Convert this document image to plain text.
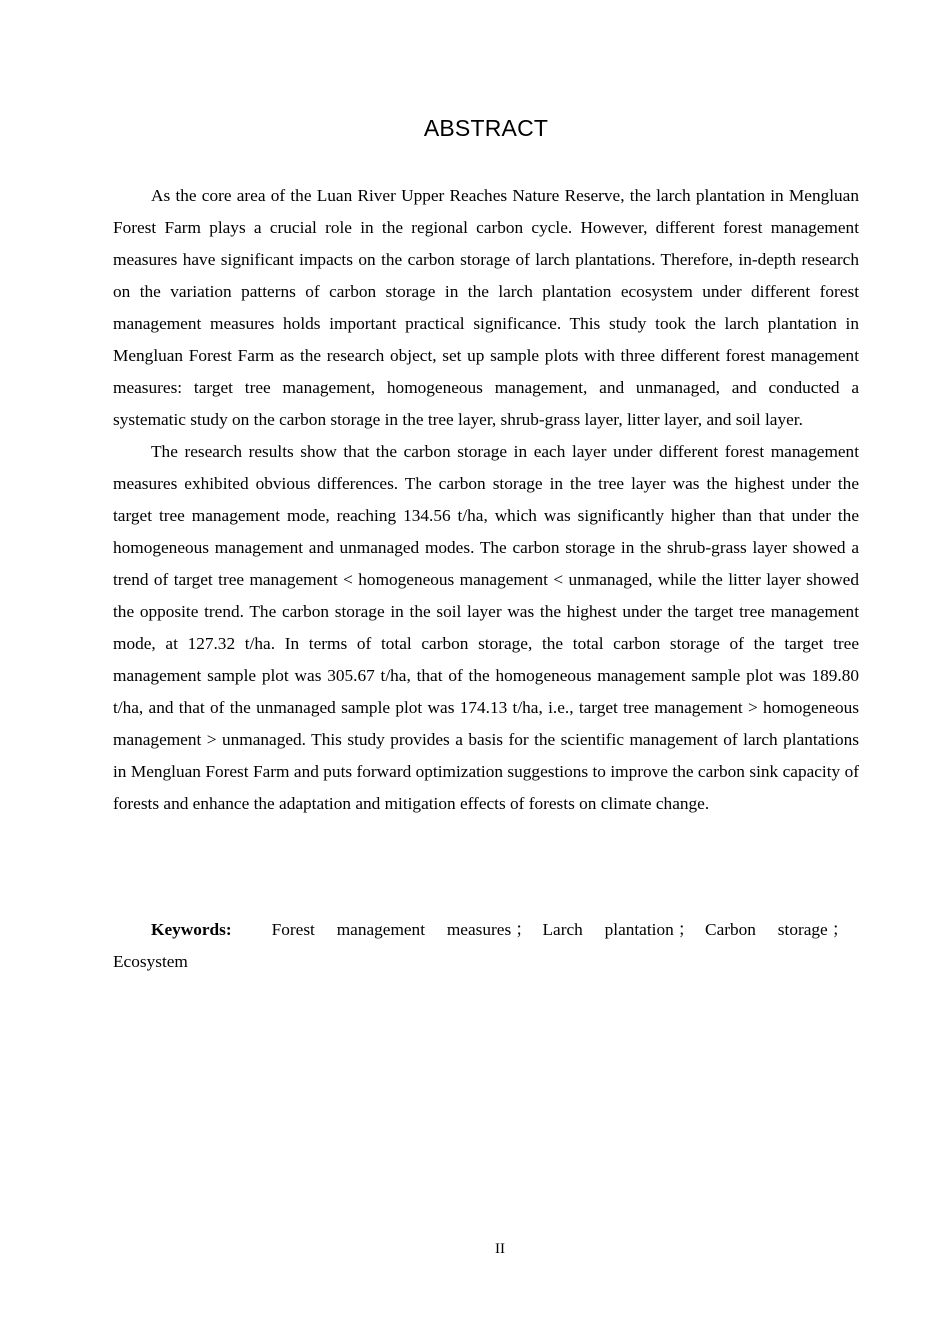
ABSTRACT

As the core area of the Luan River Upper Reaches Nature Reserve, the larch plantation in Mengluan Forest Farm plays a crucial role in the regional carbon cycle. However, different forest management measures have significant impacts on the carbon storage of larch plantations. Therefore, in-depth research on the variation patterns of carbon storage in the larch plantation ecosystem under different forest management measures holds important practical significance. This study took the larch plantation in Mengluan Forest Farm as the research object, set up sample plots with three different forest management measures: target tree management, homogeneous management, and unmanaged, and conducted a systematic study on the carbon storage in the tree layer, shrub-grass layer, litter layer, and soil layer.

The research results show that the carbon storage in each layer under different forest management measures exhibited obvious differences. The carbon storage in the tree layer was the highest under the target tree management mode, reaching 134.56 t/ha, which was significantly higher than that under the homogeneous management and unmanaged modes. The carbon storage in the shrub-grass layer showed a trend of target tree management < homogeneous management < unmanaged, while the litter layer showed the opposite trend. The carbon storage in the soil layer was the highest under the target tree management mode, at 127.32 t/ha. In terms of total carbon storage, the total carbon storage of the target tree management sample plot was 305.67 t/ha, that of the homogeneous management sample plot was 189.80 t/ha, and that of the unmanaged sample plot was 174.13 t/ha, i.e., target tree management > homogeneous management > unmanaged. This study provides a basis for the scientific management of larch plantations in Mengluan Forest Farm and puts forward optimization suggestions to improve the carbon sink capacity of forests and enhance the adaptation and mitigation effects of forests on climate change.

Keywords: Forest management measures ； Larch plantation ； Carbon storage ；Ecosystem
II
